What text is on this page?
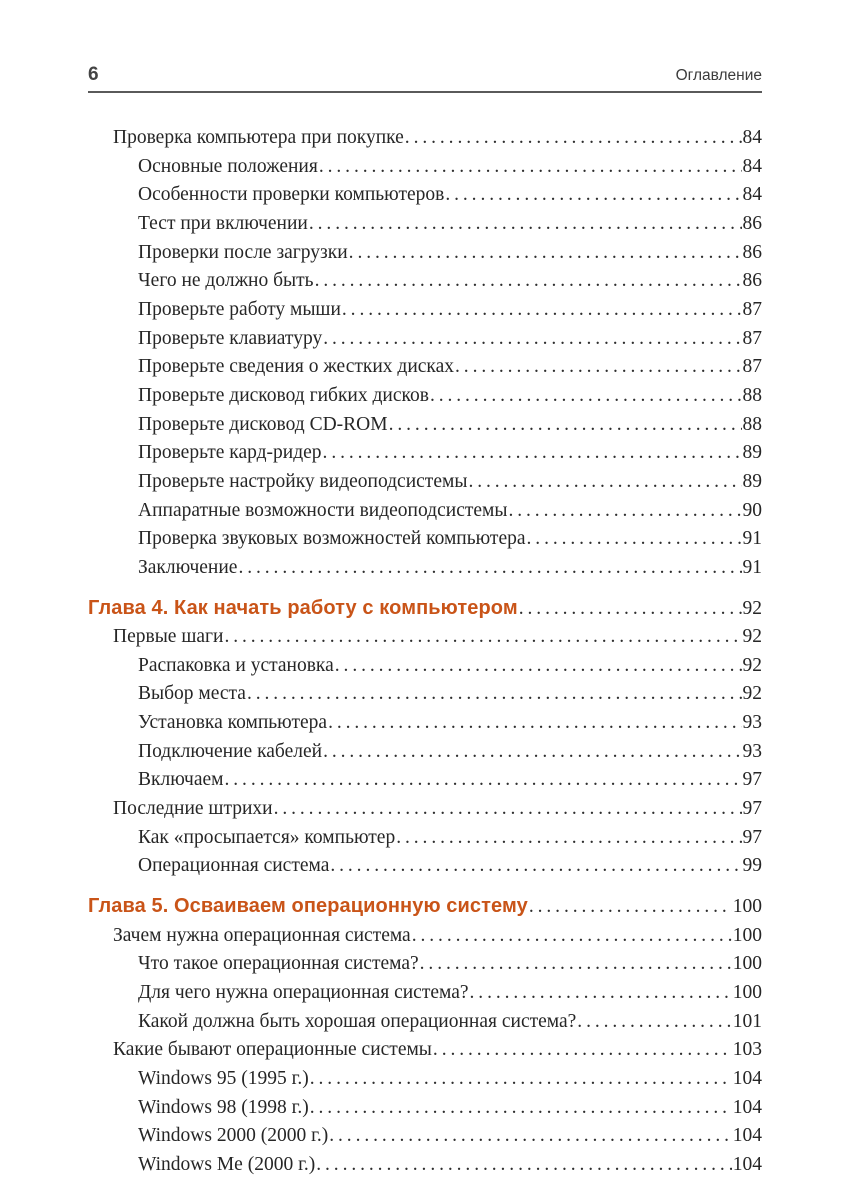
6	Оглавление
Проверка компьютера при покупке .....	84
Основные положения .....	84
Особенности проверки компьютеров .....	84
Тест при включении .....	86
Проверки после загрузки .....	86
Чего не должно быть .....	86
Проверьте работу мыши .....	87
Проверьте клавиатуру .....	87
Проверьте сведения о жестких дисках .....	87
Проверьте дисковод гибких дисков .....	88
Проверьте дисковод CD-ROM .....	88
Проверьте кард-ридер .....	89
Проверьте настройку видеоподсистемы .....	89
Аппаратные возможности видеоподсистемы .....	90
Проверка звуковых возможностей компьютера .....	91
Заключение .....	91
Глава 4. Как начать работу с компьютером .....	92
Первые шаги .....	92
Распаковка и установка .....	92
Выбор места .....	92
Установка компьютера .....	93
Подключение кабелей .....	93
Включаем .....	97
Последние штрихи .....	97
Как «просыпается» компьютер .....	97
Операционная система .....	99
Глава 5. Осваиваем операционную систему .....	100
Зачем нужна операционная система .....	100
Что такое операционная система? .....	100
Для чего нужна операционная система? .....	100
Какой должна быть хорошая операционная система? .....	101
Какие бывают операционные системы .....	103
Windows 95 (1995 г.) .....	104
Windows 98 (1998 г.) .....	104
Windows 2000 (2000 г.) .....	104
Windows Me (2000 г.) .....	104
